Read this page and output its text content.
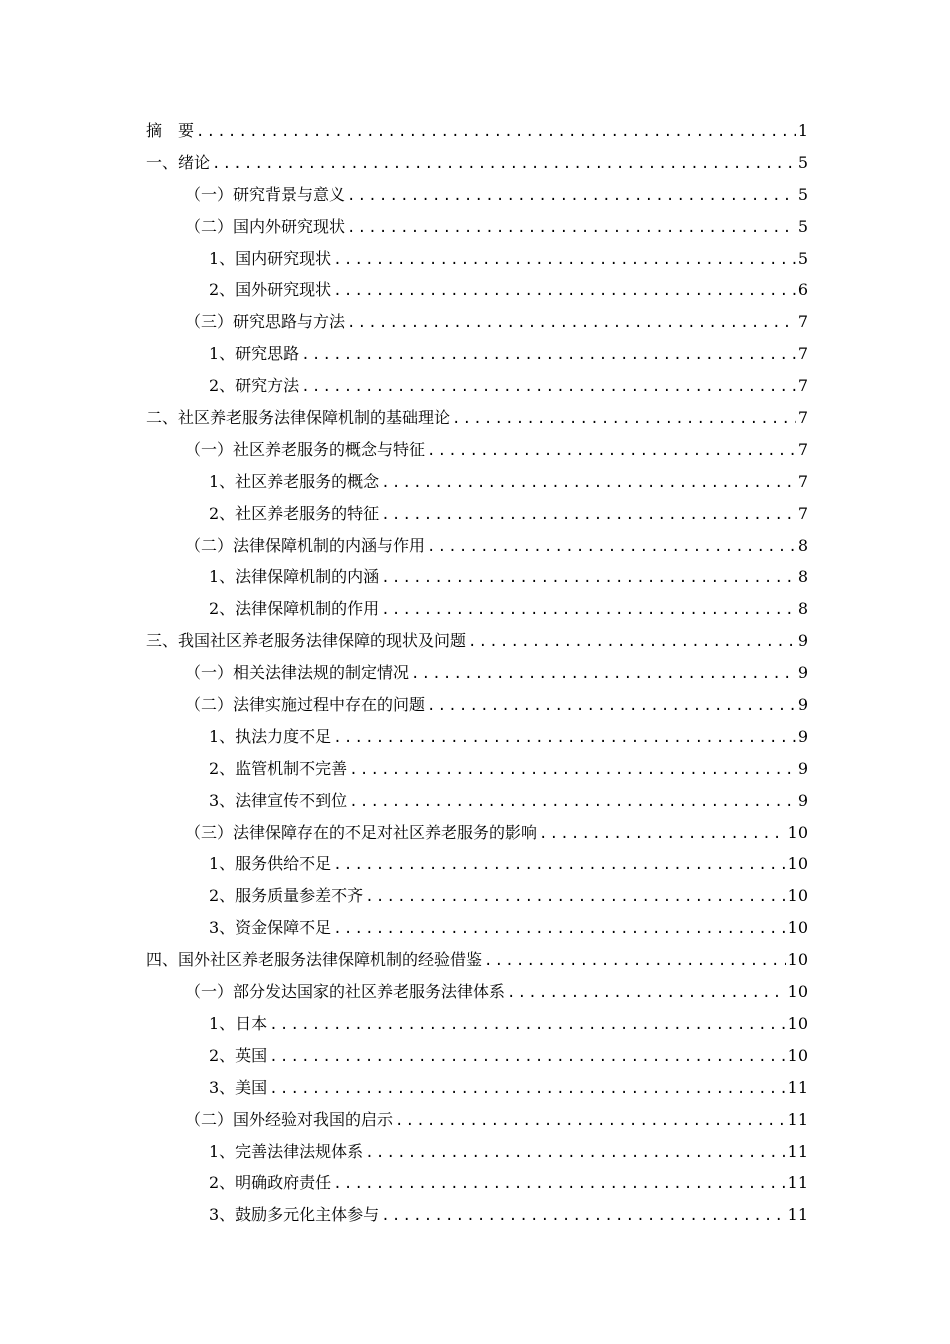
摘　要 .....	1
一、绪论 .....	5
（一）研究背景与意义 .....	5
（二）国内外研究现状 .....	5
1、国内研究现状 .....	5
2、国外研究现状 .....	6
（三）研究思路与方法 .....	7
1、研究思路 .....	7
2、研究方法 .....	7
二、社区养老服务法律保障机制的基础理论 .....	7
（一）社区养老服务的概念与特征 .....	7
1、社区养老服务的概念 .....	7
2、社区养老服务的特征 .....	7
（二）法律保障机制的内涵与作用 .....	8
1、法律保障机制的内涵 .....	8
2、法律保障机制的作用 .....	8
三、我国社区养老服务法律保障的现状及问题 .....	9
（一）相关法律法规的制定情况 .....	9
（二）法律实施过程中存在的问题 .....	9
1、执法力度不足 .....	9
2、监管机制不完善 .....	9
3、法律宣传不到位 .....	9
（三）法律保障存在的不足对社区养老服务的影响 .....	10
1、服务供给不足 .....	10
2、服务质量参差不齐 .....	10
3、资金保障不足 .....	10
四、国外社区养老服务法律保障机制的经验借鉴 .....	10
（一）部分发达国家的社区养老服务法律体系 .....	10
1、日本 .....	10
2、英国 .....	10
3、美国 .....	11
（二）国外经验对我国的启示 .....	11
1、完善法律法规体系 .....	11
2、明确政府责任 .....	11
3、鼓励多元化主体参与 .....	11
